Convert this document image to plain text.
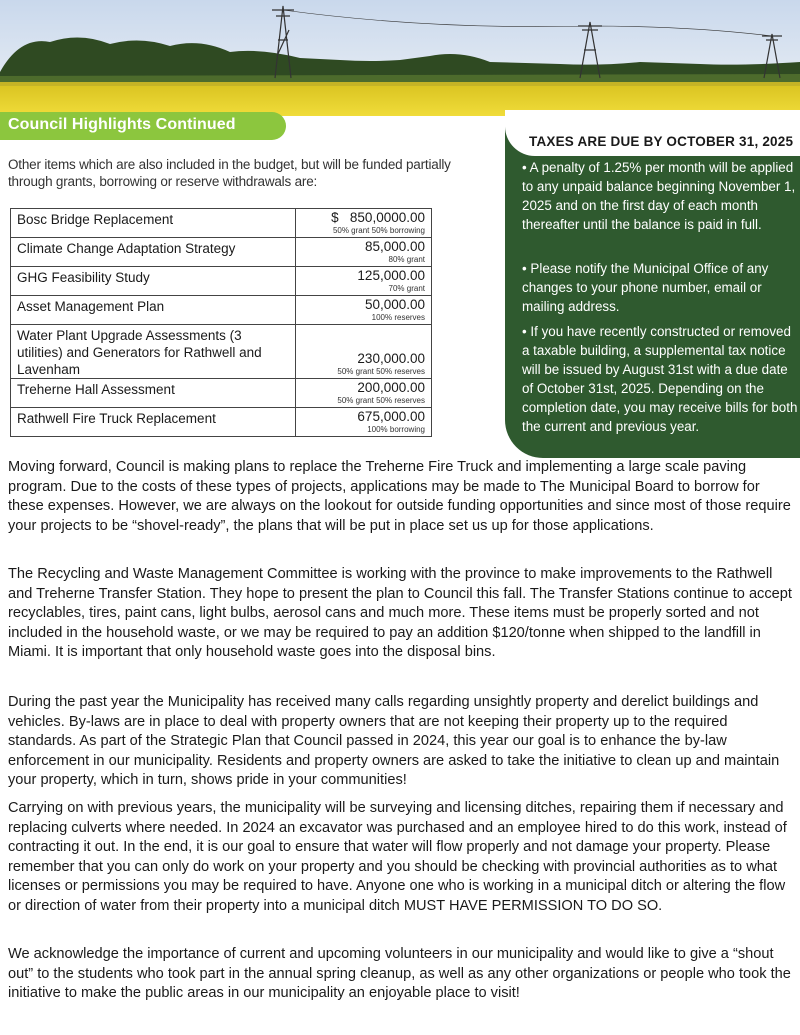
Council Highlights Continued
TAXES ARE DUE BY OCTOBER 31, 2025
• A penalty of 1.25% per month will be applied to any unpaid balance beginning November 1, 2025 and on the first day of each month thereafter until the balance is paid in full.
• Please notify the Municipal Office of any changes to your phone number, email or mailing address.
• If you have recently constructed or removed a taxable building, a supplemental tax notice will be issued by August 31st with a due date of October 31st, 2025. Depending on the completion date, you may receive bills for both the current and previous year.
Other items which are also included in the budget, but will be funded partially through grants, borrowing or reserve withdrawals are:
Bosc Bridge Replacement	$   850,0000.00
50% grant 50% borrowing

Climate Change Adaptation Strategy	85,000.00
80% grant

GHG Feasibility Study	125,000.00
70% grant

Asset Management Plan	50,000.00
100% reserves

Water Plant Upgrade Assessments (3 utilities) and Generators for Rathwell and Lavenham	230,000.00
50% grant 50% reserves

Treherne Hall Assessment	200,000.00
50% grant 50% reserves

Rathwell Fire Truck Replacement	675,000.00
100% borrowing
Moving forward, Council is making plans to replace the Treherne Fire Truck and implementing a large scale paving program. Due to the costs of these types of projects, applications may be made to The Municipal Board to borrow for these expenses. However, we are always on the lookout for outside funding opportunities and since most of those require your projects to be “shovel-ready”, the plans that will be put in place set us up for those applications.
The Recycling and Waste Management Committee is working with the province to make improvements to the Rathwell and Treherne Transfer Station. They hope to present the plan to Council this fall. The Transfer Stations continue to accept recyclables, tires, paint cans, light bulbs, aerosol cans and much more. These items must be properly sorted and not included in the household waste, or we may be required to pay an addition $120/tonne when shipped to the landfill in Miami. It is important that only household waste goes into the disposal bins.
During the past year the Municipality has received many calls regarding unsightly property and derelict buildings and vehicles. By-laws are in place to deal with property owners that are not keeping their property up to the required standards. As part of the Strategic Plan that Council passed in 2024, this year our goal is to enhance the by-law enforcement in our municipality. Residents and property owners are asked to take the initiative to clean up and maintain your property, which in turn, shows pride in your communities!
Carrying on with previous years, the municipality will be surveying and licensing ditches, repairing them if necessary and replacing culverts where needed. In 2024 an excavator was purchased and an employee hired to do this work, instead of contracting it out. In the end, it is our goal to ensure that water will flow properly and not damage your property. Please remember that you can only do work on your property and you should be checking with provincial authorities as to what licenses or permissions you may be required to have. Anyone one who is working in a municipal ditch or altering the flow or direction of water from their property into a municipal ditch MUST HAVE PERMISSION TO DO SO.
We acknowledge the importance of current and upcoming volunteers in our municipality and would like to give a “shout out” to the students who took part in the annual spring cleanup, as well as any other organizations or people who took the initiative to make the public areas in our municipality an enjoyable place to visit!
